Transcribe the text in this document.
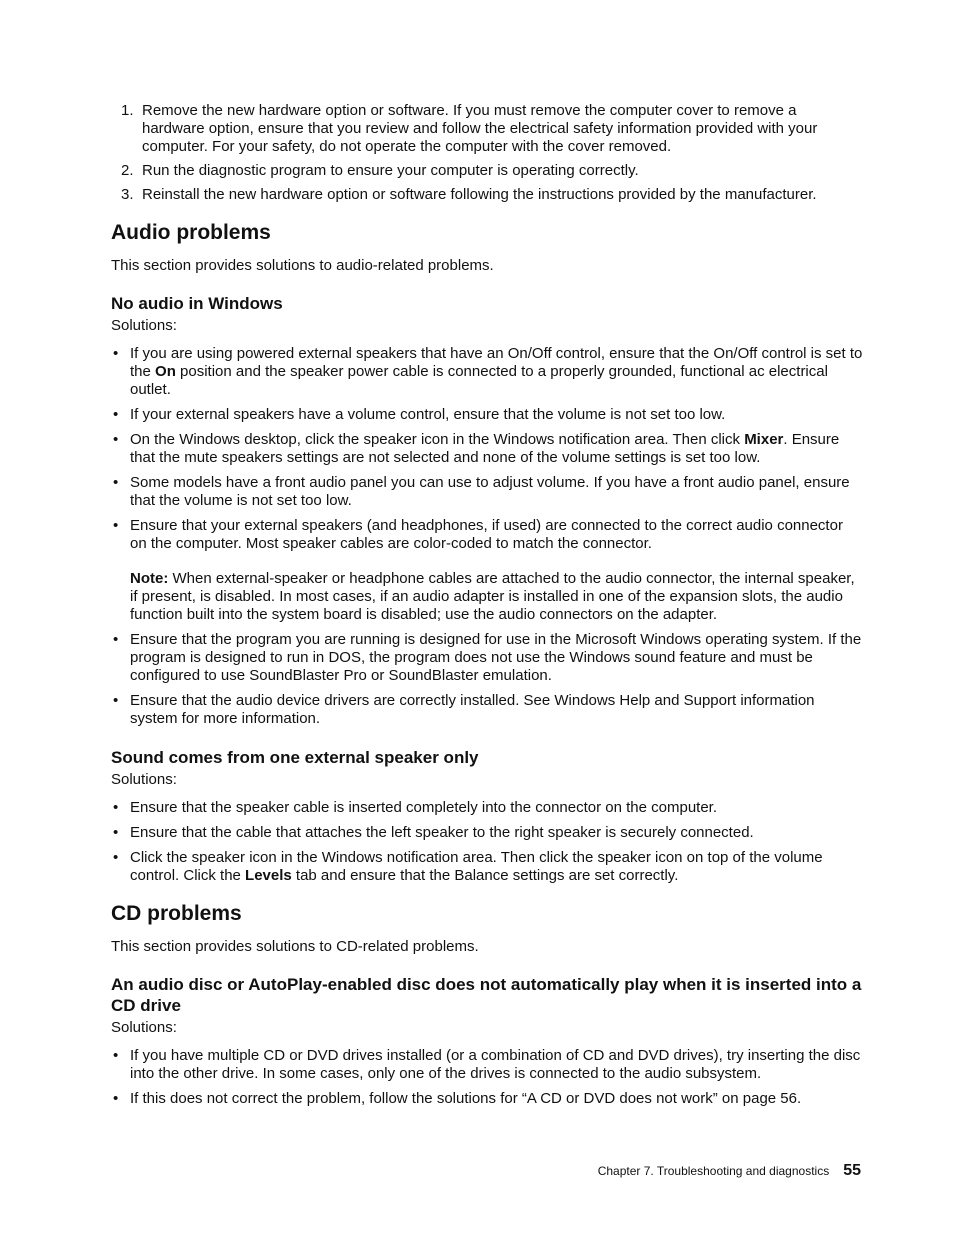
1. Remove the new hardware option or software. If you must remove the computer cover to remove a hardware option, ensure that you review and follow the electrical safety information provided with your computer. For your safety, do not operate the computer with the cover removed.
2. Run the diagnostic program to ensure your computer is operating correctly.
3. Reinstall the new hardware option or software following the instructions provided by the manufacturer.
Audio problems

This section provides solutions to audio-related problems.

No audio in Windows

Solutions:

• If you are using powered external speakers that have an On/Off control, ensure that the On/Off control is set to the On position and the speaker power cable is connected to a properly grounded, functional ac electrical outlet.
• If your external speakers have a volume control, ensure that the volume is not set too low.
• On the Windows desktop, click the speaker icon in the Windows notification area. Then click Mixer. Ensure that the mute speakers settings are not selected and none of the volume settings is set too low.
• Some models have a front audio panel you can use to adjust volume. If you have a front audio panel, ensure that the volume is not set too low.
• Ensure that your external speakers (and headphones, if used) are connected to the correct audio connector on the computer. Most speaker cables are color-coded to match the connector.
Note: When external-speaker or headphone cables are attached to the audio connector, the internal speaker, if present, is disabled. In most cases, if an audio adapter is installed in one of the expansion slots, the audio function built into the system board is disabled; use the audio connectors on the adapter.
• Ensure that the program you are running is designed for use in the Microsoft Windows operating system. If the program is designed to run in DOS, the program does not use the Windows sound feature and must be configured to use SoundBlaster Pro or SoundBlaster emulation.
• Ensure that the audio device drivers are correctly installed. See Windows Help and Support information system for more information.
Sound comes from one external speaker only

Solutions:

• Ensure that the speaker cable is inserted completely into the connector on the computer.
• Ensure that the cable that attaches the left speaker to the right speaker is securely connected.
• Click the speaker icon in the Windows notification area. Then click the speaker icon on top of the volume control. Click the Levels tab and ensure that the Balance settings are set correctly.
CD problems

This section provides solutions to CD-related problems.

An audio disc or AutoPlay-enabled disc does not automatically play when it is inserted into a CD drive

Solutions:

• If you have multiple CD or DVD drives installed (or a combination of CD and DVD drives), try inserting the disc into the other drive. In some cases, only one of the drives is connected to the audio subsystem.
• If this does not correct the problem, follow the solutions for “A CD or DVD does not work” on page 56.
Chapter 7. Troubleshooting and diagnostics 55
